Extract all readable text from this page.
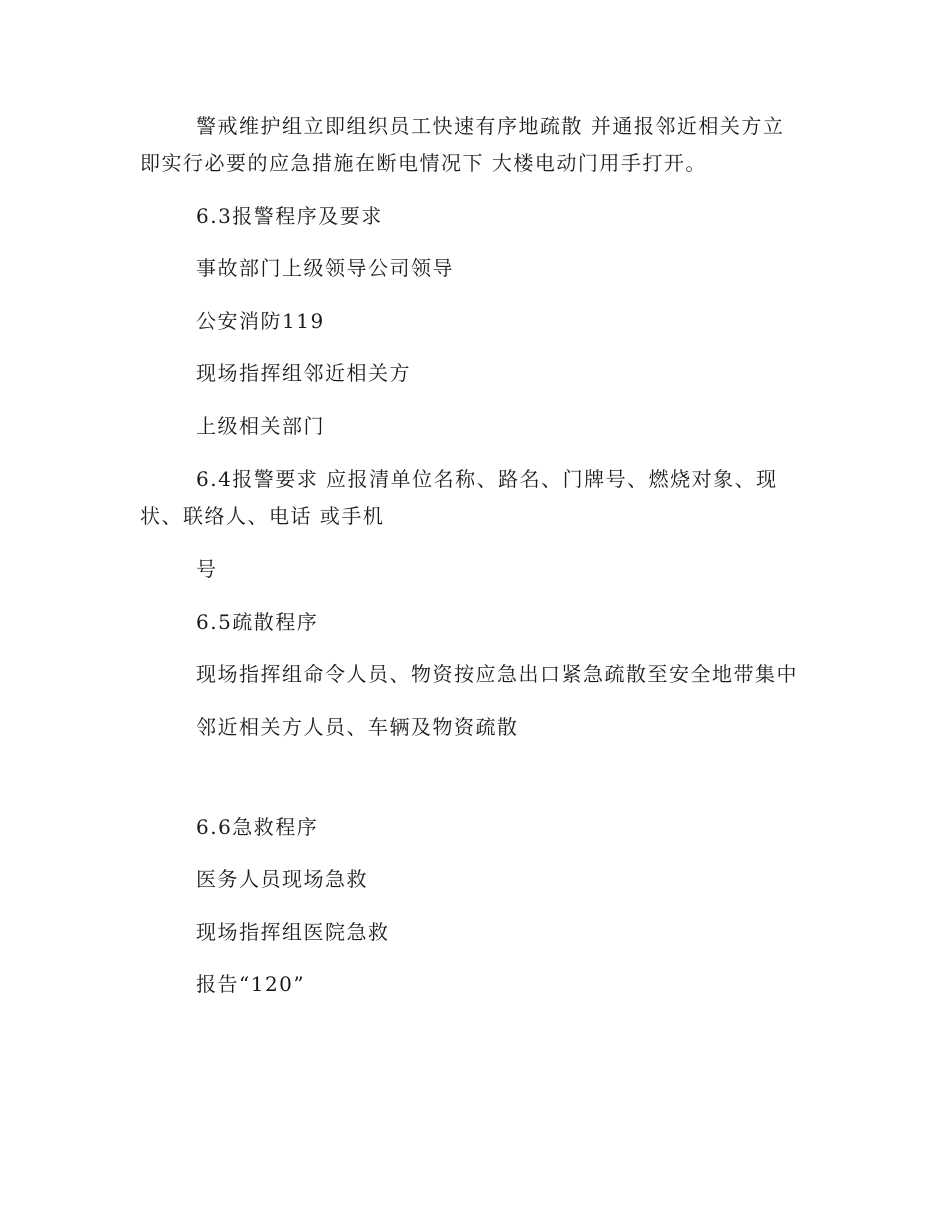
警戒维护组立即组织员工快速有序地疏散 并通报邻近相关方立
即实行必要的应急措施在断电情况下 大楼电动门用手打开。
6.3报警程序及要求
事故部门上级领导公司领导
公安消防119
现场指挥组邻近相关方
上级相关部门
6.4报警要求 应报清单位名称、路名、门牌号、燃烧对象、现
状、联络人、电话 或手机
号
6.5疏散程序
现场指挥组命令人员、物资按应急出口紧急疏散至安全地带集中
邻近相关方人员、车辆及物资疏散
6.6急救程序
医务人员现场急救
现场指挥组医院急救
报告“120”
